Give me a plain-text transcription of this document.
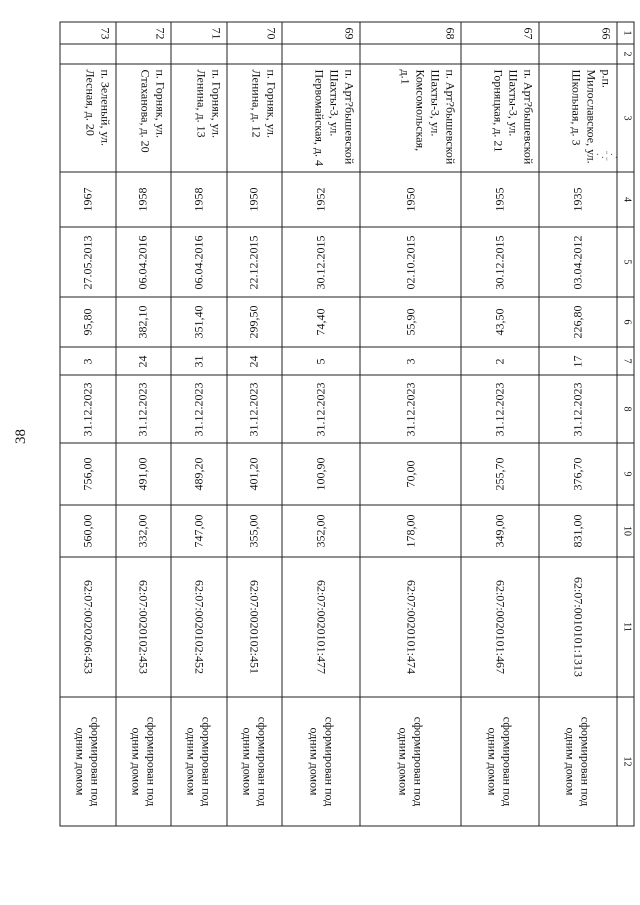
38
·.¦·.
1	2	3	4	5	6	7	8	9	10	11	12
66		р.п. Милославское, ул. Школьная, д. 3	1935	03.04.2012	226,80	17	31.12.2023	376,70	831,00	62:07:0010101:1313	сформирован под одним домом
67		п. Арт?бышевской Шахты-3, ул. Горняцкая, д. 21	1955	30.12.2015	43,50	2	31.12.2023	255,70	349,00	62:07:0020101:467	сформирован под одним домом
68		п. Арт?бышевской Шахты-3, ул. Комсомольская, д.1	1950	02.10.2015	55,90	3	31.12.2023	70,00	178,00	62:07:0020101:474	сформирован под одним домом
69		п. Арт?бышевской Шахты-3, ул. Первомайская, д. 4	1952	30.12.2015	74,40	5	31.12.2023	100,90	352,00	62:07:0020101:477	сформирован под одним домом
70		п. Горняк, ул. Ленина, д. 12	1950	22.12.2015	299,50	24	31.12.2023	401,20	355,00	62:07:0020102:451	сформирован под одним домом
71		п. Горняк, ул. Ленина, д. 13	1958	06.04.2016	351,40	31	31.12.2023	489,20	747,00	62:07:0020102:452	сформирован под одним домом
72		п. Горняк, ул. Стаханова, д. 20	1958	06.04.2016	382,10	24	31.12.2023	491,00	332,00	62:07:0020102:453	сформирован под одним домом
73		п. Зеленый, ул. Лесная, д. 20	1967	27.05.2013	95,80	3	31.12.2023	756,00	560,00	62:07:0020206:453	сформирован под одним домом
